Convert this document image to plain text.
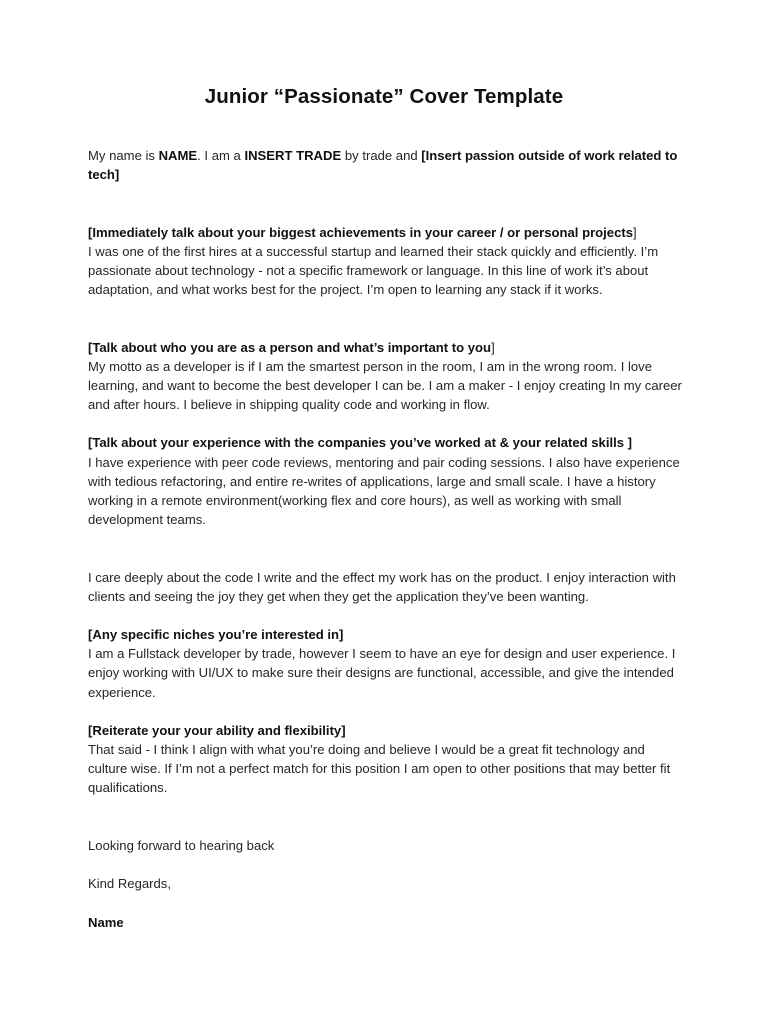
Junior “Passionate” Cover Template

My name is NAME. I am a INSERT TRADE by trade and [Insert passion outside of work related to tech]

[Immediately talk about your biggest achievements in your career / or personal projects]

I was one of the first hires at a successful startup and learned their stack quickly and efficiently. I’m passionate about technology - not a specific framework or language. In this line of work it’s about adaptation, and what works best for the project. I’m open to learning any stack if it works.

[Talk about who you are as a person and what’s important to you]

My motto as a developer is if I am the smartest person in the room, I am in the wrong room. I love learning, and want to become the best developer I can be. I am a maker - I enjoy creating In my career and after hours. I believe in shipping quality code and working in flow.

[Talk about your experience with the companies you’ve worked at & your related skills ]

I have experience with peer code reviews, mentoring and pair coding sessions. I also have experience with tedious refactoring, and entire re-writes of applications, large and small scale. I have a history working in a remote environment(working flex and core hours), as well as working with small development teams.

I care deeply about the code I write and the effect my work has on the product. I enjoy interaction with clients and seeing the joy they get when they get the application they’ve been wanting.

[Any specific niches you’re interested in]

I am a Fullstack developer by trade, however I seem to have an eye for design and user experience. I enjoy working with UI/UX to make sure their designs are functional, accessible, and give the intended experience.

[Reiterate your your ability and flexibility]

That said - I think I align with what you’re doing and believe I would be a great fit technology and culture wise. If I’m not a perfect match for this position I am open to other positions that may better fit qualifications.

Looking forward to hearing back

Kind Regards,

Name
